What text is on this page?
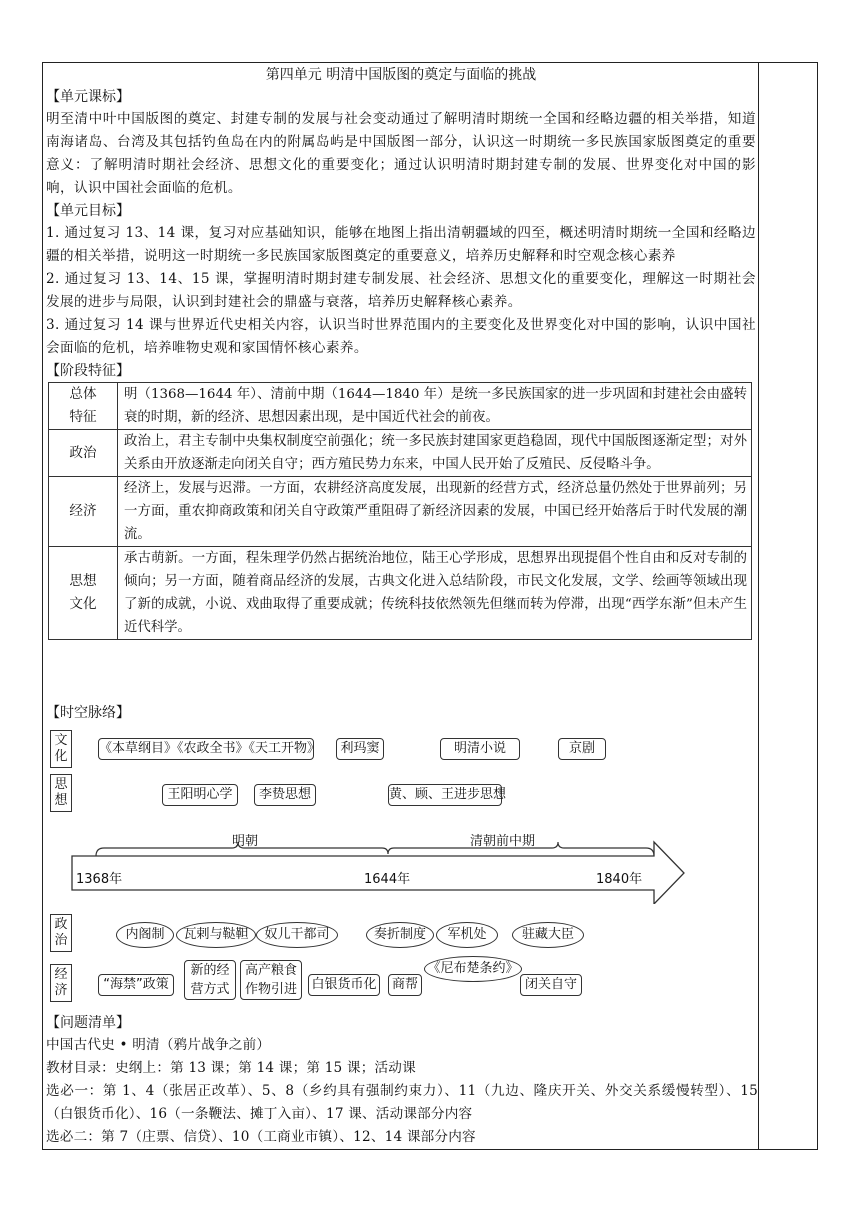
第四单元 明清中国版图的奠定与面临的挑战
【单元课标】
明至清中叶中国版图的奠定、封建专制的发展与社会变动通过了解明清时期统一全国和经略边疆的相关举措，知道南海诸岛、台湾及其包括钓鱼岛在内的附属岛屿是中国版图一部分，认识这一时期统一多民族国家版图奠定的重要意义：了解明清时期社会经济、思想文化的重要变化；通过认识明清时期封建专制的发展、世界变化对中国的影响，认识中国社会面临的危机。
【单元目标】
1. 通过复习 13、14 课，复习对应基础知识，能够在地图上指出清朝疆域的四至，概述明清时期统一全国和经略边疆的相关举措，说明这一时期统一多民族国家版图奠定的重要意义，培养历史解释和时空观念核心素养
2. 通过复习 13、14、15 课，掌握明清时期封建专制发展、社会经济、思想文化的重要变化，理解这一时期社会发展的进步与局限，认识到封建社会的鼎盛与衰落，培养历史解释核心素养。
3. 通过复习 14 课与世界近代史相关内容，认识当时世界范围内的主要变化及世界变化对中国的影响，认识中国社会面临的危机，培养唯物史观和家国情怀核心素养。
【阶段特征】
总体特征	明（1368—1644 年）、清前中期（1644—1840 年）是统一多民族国家的进一步巩固和封建社会由盛转衰的时期，新的经济、思想因素出现，是中国近代社会的前夜。
政治	政治上，君主专制中央集权制度空前强化；统一多民族封建国家更趋稳固，现代中国版图逐渐定型；对外关系由开放逐渐走向闭关自守；西方殖民势力东来，中国人民开始了反殖民、反侵略斗争。
经济	经济上，发展与迟滞。一方面，农耕经济高度发展，出现新的经营方式，经济总量仍然处于世界前列；另一方面，重农抑商政策和闭关自守政策严重阻碍了新经济因素的发展，中国已经开始落后于时代发展的潮流。

思想文化	承古萌新。一方面，程朱理学仍然占据统治地位，陆王心学形成，思想界出现提倡个性自由和反对专制的倾向；另一方面，随着商品经济的发展，古典文化进入总结阶段，市民文化发展，文学、绘画等领域出现了新的成就，小说、戏曲取得了重要成就；传统科技依然领先但继而转为停滞，出现“西学东渐”但未产生近代科学。
【时空脉络】
文化
思想
政治
经济
《本草纲目》《农政全书》《天工开物》	利玛窦	明清小说	京剧
王阳明心学	李贽思想	黄、顾、王进步思想
明朝	清朝前中期
1368年	1644年	1840年
内阁制	瓦剌与鞑靼	奴儿干都司	奏折制度	军机处	驻藏大臣
“海禁”政策
新的经
营方式
高产粮食
作物引进	白银货币化	商帮
《尼布楚条约》
闭关自守
【问题清单】
中国古代史 • 明清（鸦片战争之前）
教材目录：史纲上：第 13 课；第 14 课；第 15 课；活动课
选必一：第 1、4（张居正改革）、5、8（乡约具有强制约束力）、11（九边、隆庆开关、外交关系缓慢转型）、15（白银货币化）、16（一条鞭法、摊丁入亩）、17 课、活动课部分内容
选必二：第 7（庄票、信贷）、10（工商业市镇）、12、14 课部分内容
